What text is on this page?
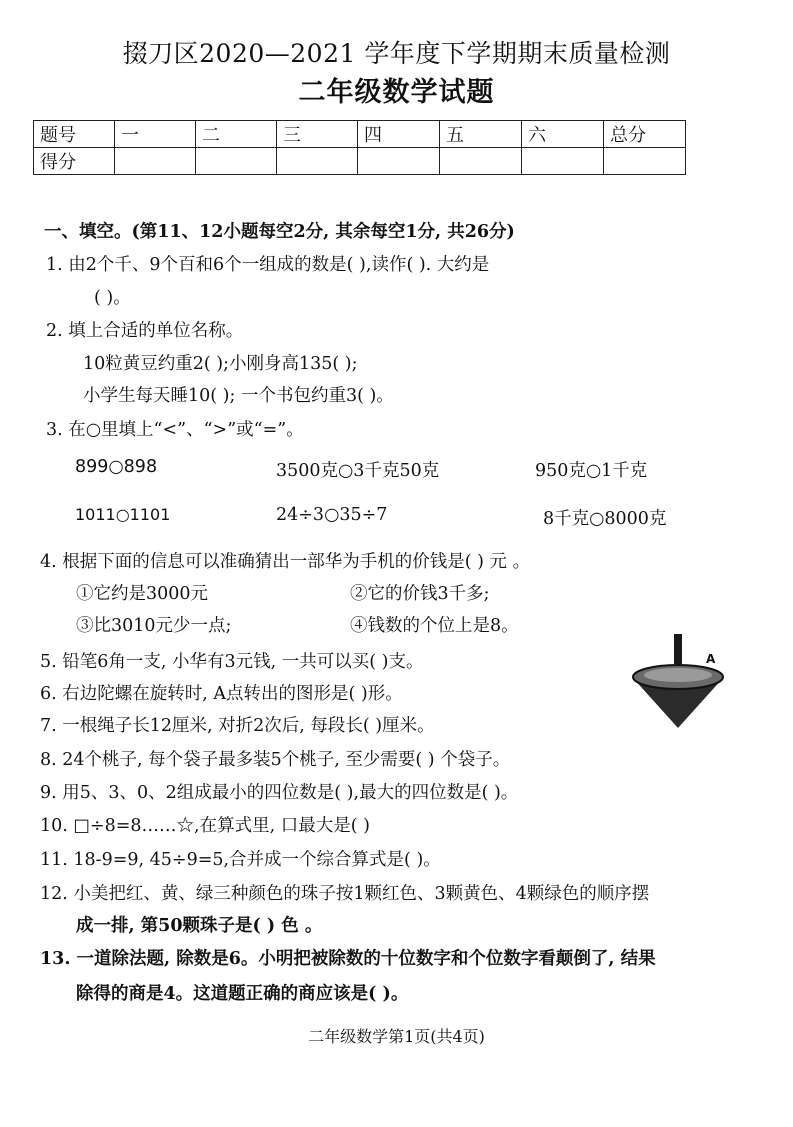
掇刀区2020—2021 学年度下学期期末质量检测
二年级数学试题
题号	一	二	三	四	五	六	总分
得分							
一、填空。(第11、12小题每空2分, 其余每空1分, 共26分)
1. 由2个千、9个百和6个一组成的数是( ),读作( ). 大约是
( )。
2. 填上合适的单位名称。
10粒黄豆约重2( );小刚身高135( );
小学生每天睡10( ); 一个书包约重3( )。
3. 在○里填上“<”、“>”或“=”。
899○898	3500克○3千克50克	950克○1千克
1011○1101	24÷3○35÷7	8千克○8000克
4. 根据下面的信息可以准确猜出一部华为手机的价钱是( ) 元 。
①它约是3000元	②它的价钱3千多;
③比3010元少一点;	④钱数的个位上是8。
5. 铅笔6角一支, 小华有3元钱, 一共可以买( )支。
6. 右边陀螺在旋转时, A点转出的图形是( )形。
7. 一根绳子长12厘米, 对折2次后, 每段长( )厘米。
8. 24个桃子, 每个袋子最多装5个桃子, 至少需要( ) 个袋子。
9. 用5、3、0、2组成最小的四位数是( ),最大的四位数是( )。
10. □÷8=8……☆,在算式里, 口最大是( )
11. 18-9=9, 45÷9=5,合并成一个综合算式是( )。
12. 小美把红、黄、绿三种颜色的珠子按1颗红色、3颗黄色、4颗绿色的顺序摆
成一排, 第50颗珠子是( ) 色 。
13. 一道除法题, 除数是6。小明把被除数的十位数字和个位数字看颠倒了, 结果
除得的商是4。这道题正确的商应该是( )。
A
二年级数学第1页(共4页)
